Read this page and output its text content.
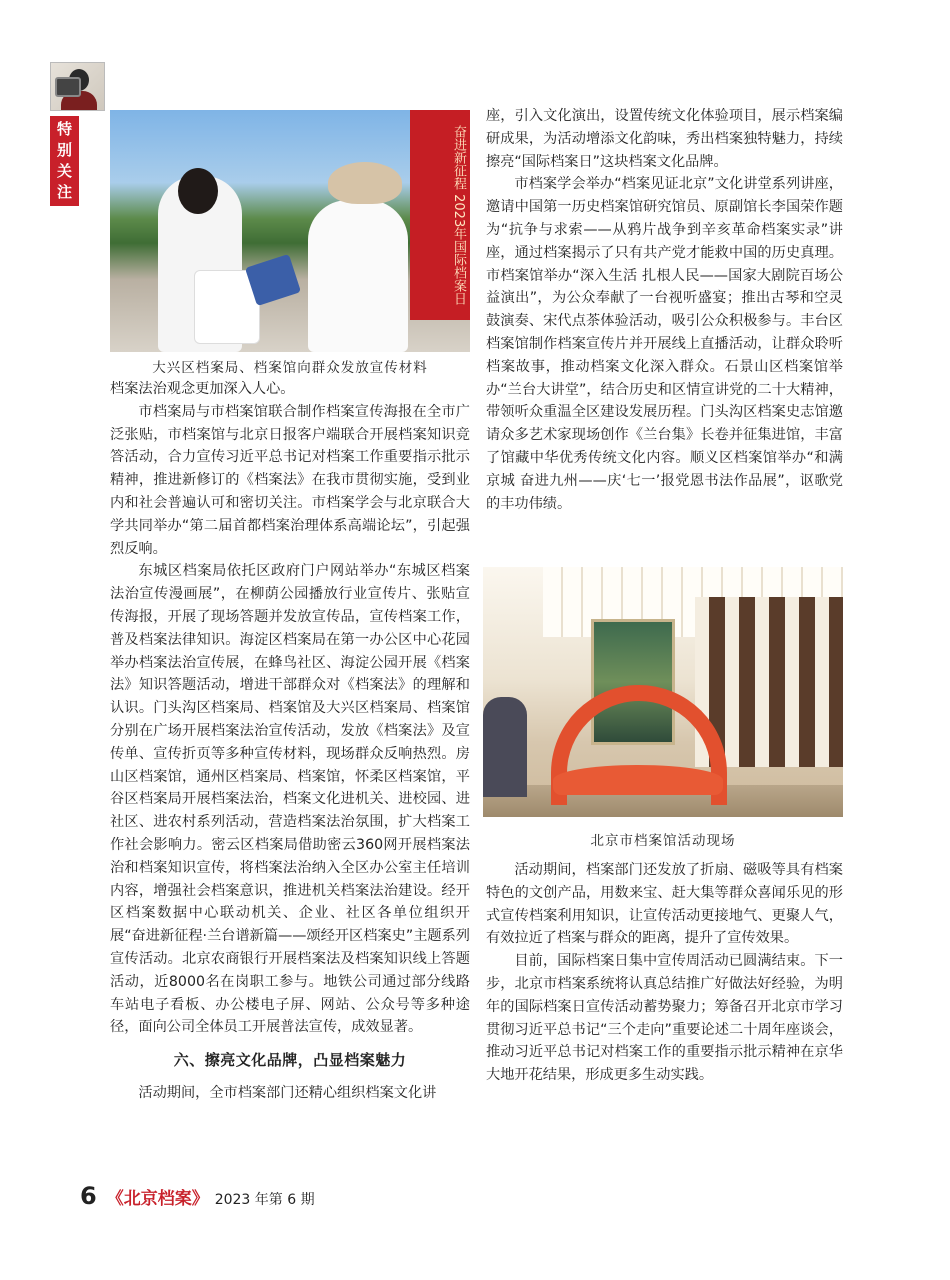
特
别
关
注	奋进新征程 2023年国际档案日
大兴区档案局、档案馆向群众发放宣传材料

档案法治观念更加深入人心。

市档案局与市档案馆联合制作档案宣传海报在全市广泛张贴，市档案馆与北京日报客户端联合开展档案知识竞答活动，合力宣传习近平总书记对档案工作重要指示批示精神，推进新修订的《档案法》在我市贯彻实施，受到业内和社会普遍认可和密切关注。市档案学会与北京联合大学共同举办“第二届首都档案治理体系高端论坛”，引起强烈反响。

东城区档案局依托区政府门户网站举办“东城区档案法治宣传漫画展”，在柳荫公园播放行业宣传片、张贴宣传海报，开展了现场答题并发放宣传品，宣传档案工作，普及档案法律知识。海淀区档案局在第一办公区中心花园举办档案法治宣传展，在蜂鸟社区、海淀公园开展《档案法》知识答题活动，增进干部群众对《档案法》的理解和认识。门头沟区档案局、档案馆及大兴区档案局、档案馆分别在广场开展档案法治宣传活动，发放《档案法》及宣传单、宣传折页等多种宣传材料，现场群众反响热烈。房山区档案馆，通州区档案局、档案馆，怀柔区档案馆，平谷区档案局开展档案法治，档案文化进机关、进校园、进社区、进农村系列活动，营造档案法治氛围，扩大档案工作社会影响力。密云区档案局借助密云360网开展档案法治和档案知识宣传，将档案法治纳入全区办公室主任培训内容，增强社会档案意识，推进机关档案法治建设。经开区档案数据中心联动机关、企业、社区各单位组织开展“奋进新征程·兰台谱新篇——颂经开区档案史”主题系列宣传活动。北京农商银行开展档案法及档案知识线上答题活动，近8000名在岗职工参与。地铁公司通过部分线路车站电子看板、办公楼电子屏、网站、公众号等多种途径，面向公司全体员工开展普法宣传，成效显著。

六、擦亮文化品牌，凸显档案魅力

活动期间，全市档案部门还精心组织档案文化讲

座，引入文化演出，设置传统文化体验项目，展示档案编研成果，为活动增添文化韵味，秀出档案独特魅力，持续擦亮“国际档案日”这块档案文化品牌。

市档案学会举办“档案见证北京”文化讲堂系列讲座，邀请中国第一历史档案馆研究馆员、原副馆长李国荣作题为“抗争与求索——从鸦片战争到辛亥革命档案实录”讲座，通过档案揭示了只有共产党才能救中国的历史真理。市档案馆举办“深入生活 扎根人民——国家大剧院百场公益演出”，为公众奉献了一台视听盛宴；推出古琴和空灵鼓演奏、宋代点茶体验活动，吸引公众积极参与。丰台区档案馆制作档案宣传片并开展线上直播活动，让群众聆听档案故事，推动档案文化深入群众。石景山区档案馆举办“兰台大讲堂”，结合历史和区情宣讲党的二十大精神，带领听众重温全区建设发展历程。门头沟区档案史志馆邀请众多艺术家现场创作《兰台集》长卷并征集进馆，丰富了馆藏中华优秀传统文化内容。顺义区档案馆举办“和满京城 奋进九州——庆‘七一’报党恩书法作品展”，讴歌党的丰功伟绩。

北京市档案馆活动现场

活动期间，档案部门还发放了折扇、磁吸等具有档案特色的文创产品，用数来宝、赶大集等群众喜闻乐见的形式宣传档案利用知识，让宣传活动更接地气、更聚人气，有效拉近了档案与群众的距离，提升了宣传效果。

目前，国际档案日集中宣传周活动已圆满结束。下一步，北京市档案系统将认真总结推广好做法好经验，为明年的国际档案日宣传活动蓄势聚力；筹备召开北京市学习贯彻习近平总书记“三个走向”重要论述二十周年座谈会，推动习近平总书记对档案工作的重要指示批示精神在京华大地开花结果，形成更多生动实践。

6 《北京档案》 2023 年第 6 期
